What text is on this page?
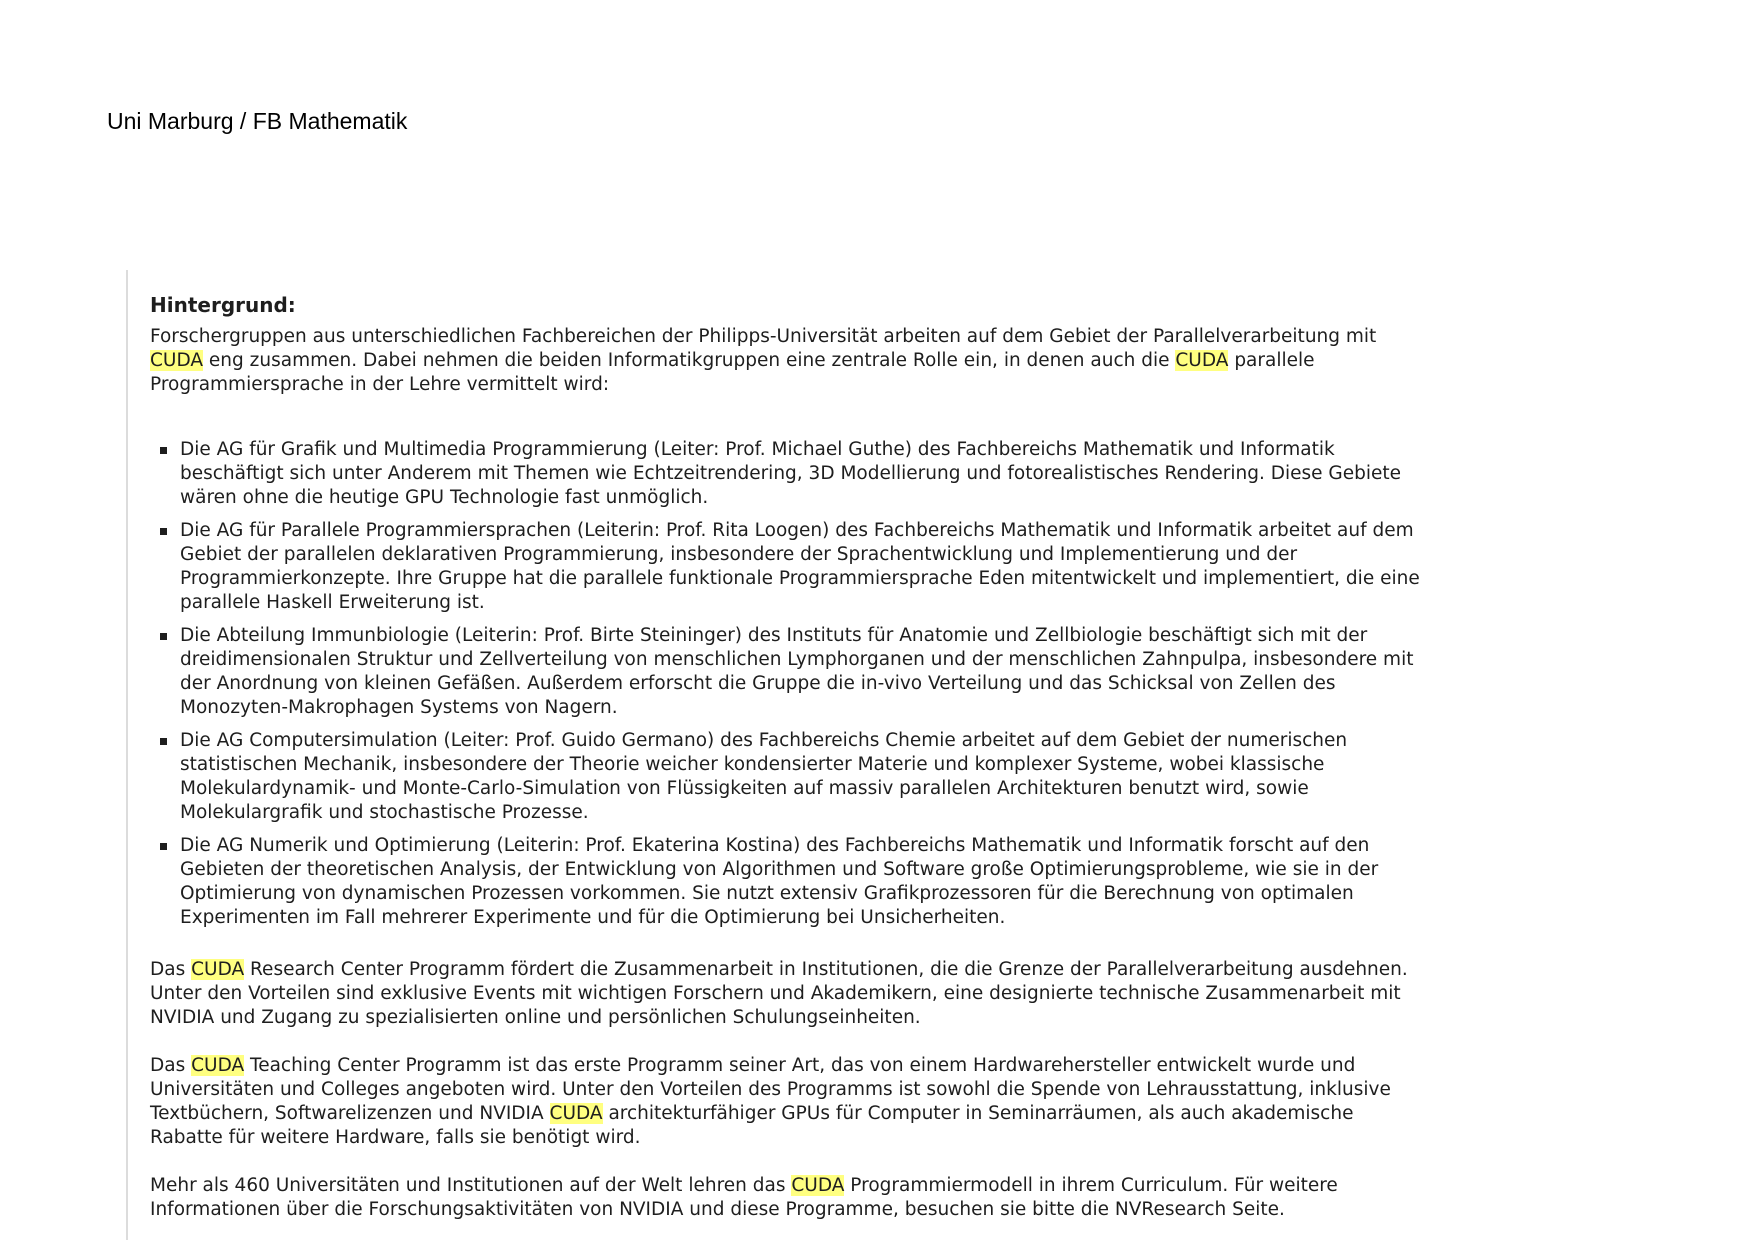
Uni Marburg / FB Mathematik
Hintergrund:

Forschergruppen aus unterschiedlichen Fachbereichen der Philipps-Universität arbeiten auf dem Gebiet der Parallelverarbeitung mit
CUDA eng zusammen. Dabei nehmen die beiden Informatikgruppen eine zentrale Rolle ein, in denen auch die CUDA parallele
Programmiersprache in der Lehre vermittelt wird:

Die AG für Grafik und Multimedia Programmierung (Leiter: Prof. Michael Guthe) des Fachbereichs Mathematik und Informatik
beschäftigt sich unter Anderem mit Themen wie Echtzeitrendering, 3D Modellierung und fotorealistisches Rendering. Diese Gebiete
wären ohne die heutige GPU Technologie fast unmöglich.
Die AG für Parallele Programmiersprachen (Leiterin: Prof. Rita Loogen) des Fachbereichs Mathematik und Informatik arbeitet auf dem
Gebiet der parallelen deklarativen Programmierung, insbesondere der Sprachentwicklung und Implementierung und der
Programmierkonzepte. Ihre Gruppe hat die parallele funktionale Programmiersprache Eden mitentwickelt und implementiert, die eine
parallele Haskell Erweiterung ist.
Die Abteilung Immunbiologie (Leiterin: Prof. Birte Steininger) des Instituts für Anatomie und Zellbiologie beschäftigt sich mit der
dreidimensionalen Struktur und Zellverteilung von menschlichen Lymphorganen und der menschlichen Zahnpulpa, insbesondere mit
der Anordnung von kleinen Gefäßen. Außerdem erforscht die Gruppe die in-vivo Verteilung und das Schicksal von Zellen des
Monozyten-Makrophagen Systems von Nagern.
Die AG Computersimulation (Leiter: Prof. Guido Germano) des Fachbereichs Chemie arbeitet auf dem Gebiet der numerischen
statistischen Mechanik, insbesondere der Theorie weicher kondensierter Materie und komplexer Systeme, wobei klassische
Molekulardynamik- und Monte-Carlo-Simulation von Flüssigkeiten auf massiv parallelen Architekturen benutzt wird, sowie
Molekulargrafik und stochastische Prozesse.
Die AG Numerik und Optimierung (Leiterin: Prof. Ekaterina Kostina) des Fachbereichs Mathematik und Informatik forscht auf den
Gebieten der theoretischen Analysis, der Entwicklung von Algorithmen und Software große Optimierungsprobleme, wie sie in der
Optimierung von dynamischen Prozessen vorkommen. Sie nutzt extensiv Grafikprozessoren für die Berechnung von optimalen
Experimenten im Fall mehrerer Experimente und für die Optimierung bei Unsicherheiten.

Das CUDA Research Center Programm fördert die Zusammenarbeit in Institutionen, die die Grenze der Parallelverarbeitung ausdehnen.
Unter den Vorteilen sind exklusive Events mit wichtigen Forschern und Akademikern, eine designierte technische Zusammenarbeit mit
NVIDIA und Zugang zu spezialisierten online und persönlichen Schulungseinheiten.

Das CUDA Teaching Center Programm ist das erste Programm seiner Art, das von einem Hardwarehersteller entwickelt wurde und
Universitäten und Colleges angeboten wird. Unter den Vorteilen des Programms ist sowohl die Spende von Lehrausstattung, inklusive
Textbüchern, Softwarelizenzen und NVIDIA CUDA architekturfähiger GPUs für Computer in Seminarräumen, als auch akademische
Rabatte für weitere Hardware, falls sie benötigt wird.

Mehr als 460 Universitäten und Institutionen auf der Welt lehren das CUDA Programmiermodell in ihrem Curriculum. Für weitere
Informationen über die Forschungsaktivitäten von NVIDIA und diese Programme, besuchen sie bitte die NVResearch Seite.
